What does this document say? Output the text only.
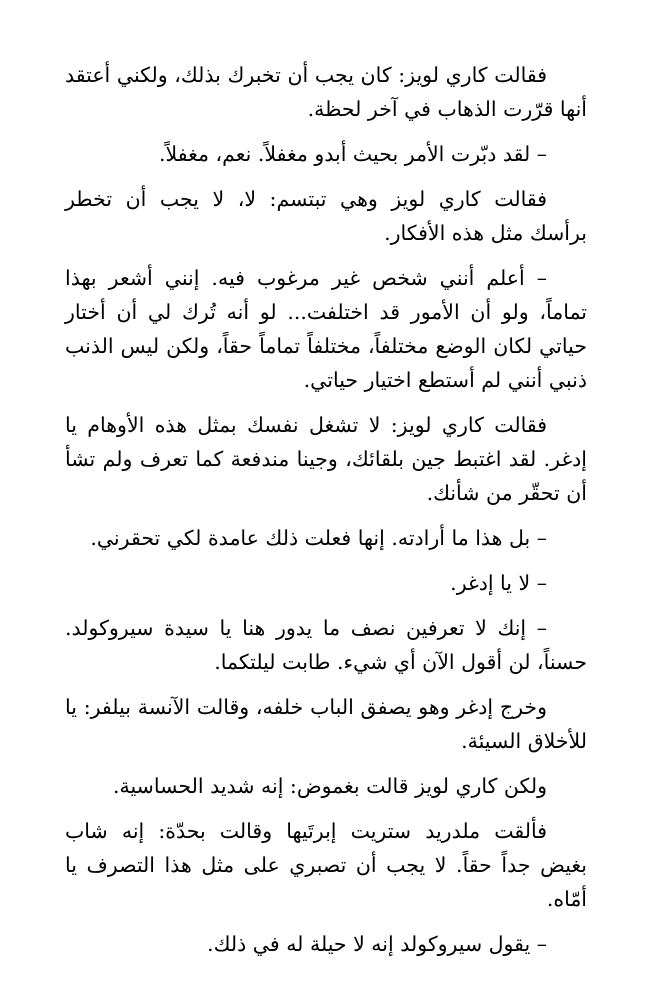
فقالت كاري لويز: كان يجب أن تخبرك بذلك، ولكني أعتقد أنها قرّرت الذهاب في آخر لحظة.

– لقد دبّرت الأمر بحيث أبدو مغفلاً. نعم، مغفلاً.

فقالت كاري لويز وهي تبتسم: لا، لا يجب أن تخطر برأسك مثل هذه الأفكار.

– أعلم أنني شخص غير مرغوب فيه. إنني أشعر بهذا تماماً، ولو أن الأمور قد اختلفت... لو أنه تُرك لي أن أختار حياتي لكان الوضع مختلفاً، مختلفاً تماماً حقاً، ولكن ليس الذنب ذنبي أنني لم أستطع اختيار حياتي.

فقالت كاري لويز: لا تشغل نفسك بمثل هذه الأوهام يا إدغر. لقد اغتبط جين بلقائك، وجينا مندفعة كما تعرف ولم تشأ أن تحقّر من شأنك.

– بل هذا ما أرادته. إنها فعلت ذلك عامدة لكي تحقرني.

– لا يا إدغر.

– إنك لا تعرفين نصف ما يدور هنا يا سيدة سيروكولد. حسناً، لن أقول الآن أي شيء. طابت ليلتكما.

وخرج إدغر وهو يصفق الباب خلفه، وقالت الآنسة بيلفر: يا للأخلاق السيئة.

ولكن كاري لويز قالت بغموض: إنه شديد الحساسية.

فألقت ملدريد ستريت إبرتَيها وقالت بحدّة: إنه شاب بغيض جداً حقاً. لا يجب أن تصبري على مثل هذا التصرف يا أمّاه.

– يقول سيروكولد إنه لا حيلة له في ذلك.
